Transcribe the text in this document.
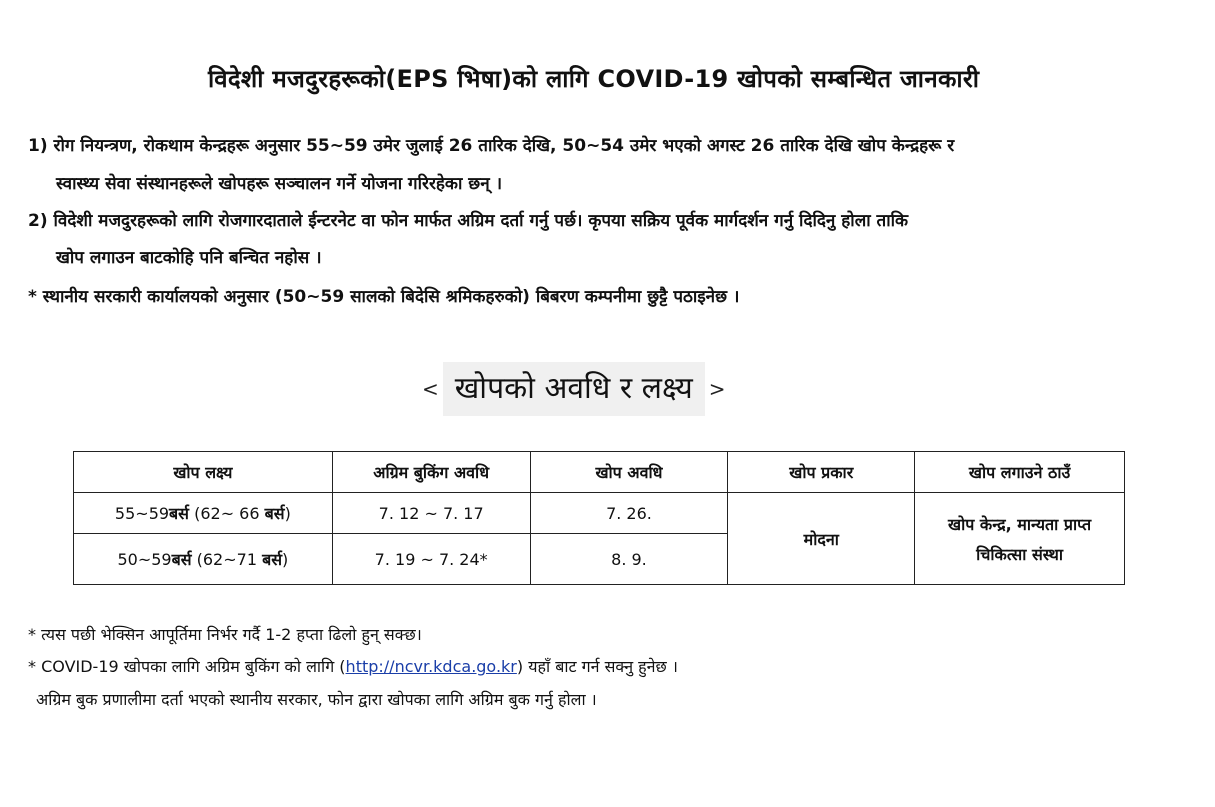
विदेशी मजदुरहरूको(EPS भिषा)को लागि COVID-19 खोपको सम्बन्धित जानकारी
1) रोग नियन्त्रण, रोकथाम केन्द्रहरू अनुसार 55~59 उमेर जुलाई 26 तारिक देखि, 50~54 उमेर भएको अगस्ट 26 तारिक देखि खोप केन्द्रहरू र
स्वास्थ्य सेवा संस्थानहरूले खोपहरू सञ्चालन गर्ने योजना गरिरहेका छन् ।
2) विदेशी मजदुरहरूको लागि रोजगारदाताले ईन्टरनेट वा फोन मार्फत अग्रिम दर्ता गर्नु पर्छ। कृपया सक्रिय पूर्वक मार्गदर्शन गर्नु दिदिनु होला ताकि
खोप लगाउन बाटकोहि पनि बन्चित नहोस ।
* स्थानीय सरकारी कार्यालयको अनुसार (50~59 सालको बिदेसि श्रमिकहरुको) बिबरण कम्पनीमा छुट्टै पठाइनेछ ।
< खोपको अवधि र लक्ष्य >
खोप लक्ष्य	अग्रिम बुकिंग अवधि	खोप अवधि	खोप प्रकार	खोप लगाउने ठाउँ
55~59बर्स (62~ 66 बर्स)	7. 12 ~ 7. 17	7. 26.	मोदना	खोप केन्द्र, मान्यता प्राप्त
चिकित्सा संस्था

50~59बर्स (62~71 बर्स)	7. 19 ~ 7. 24*	8. 9.		
* त्यस पछी भेक्सिन आपूर्तिमा निर्भर गर्दै 1-2 हप्ता ढिलो हुन् सक्छ।
* COVID-19 खोपका लागि अग्रिम बुकिंग को लागि (http://ncvr.kdca.go.kr) यहाँ बाट गर्न सक्नु हुनेछ ।
अग्रिम बुक प्रणालीमा दर्ता भएको स्थानीय सरकार, फोन द्वारा खोपका लागि अग्रिम बुक गर्नु होला ।
